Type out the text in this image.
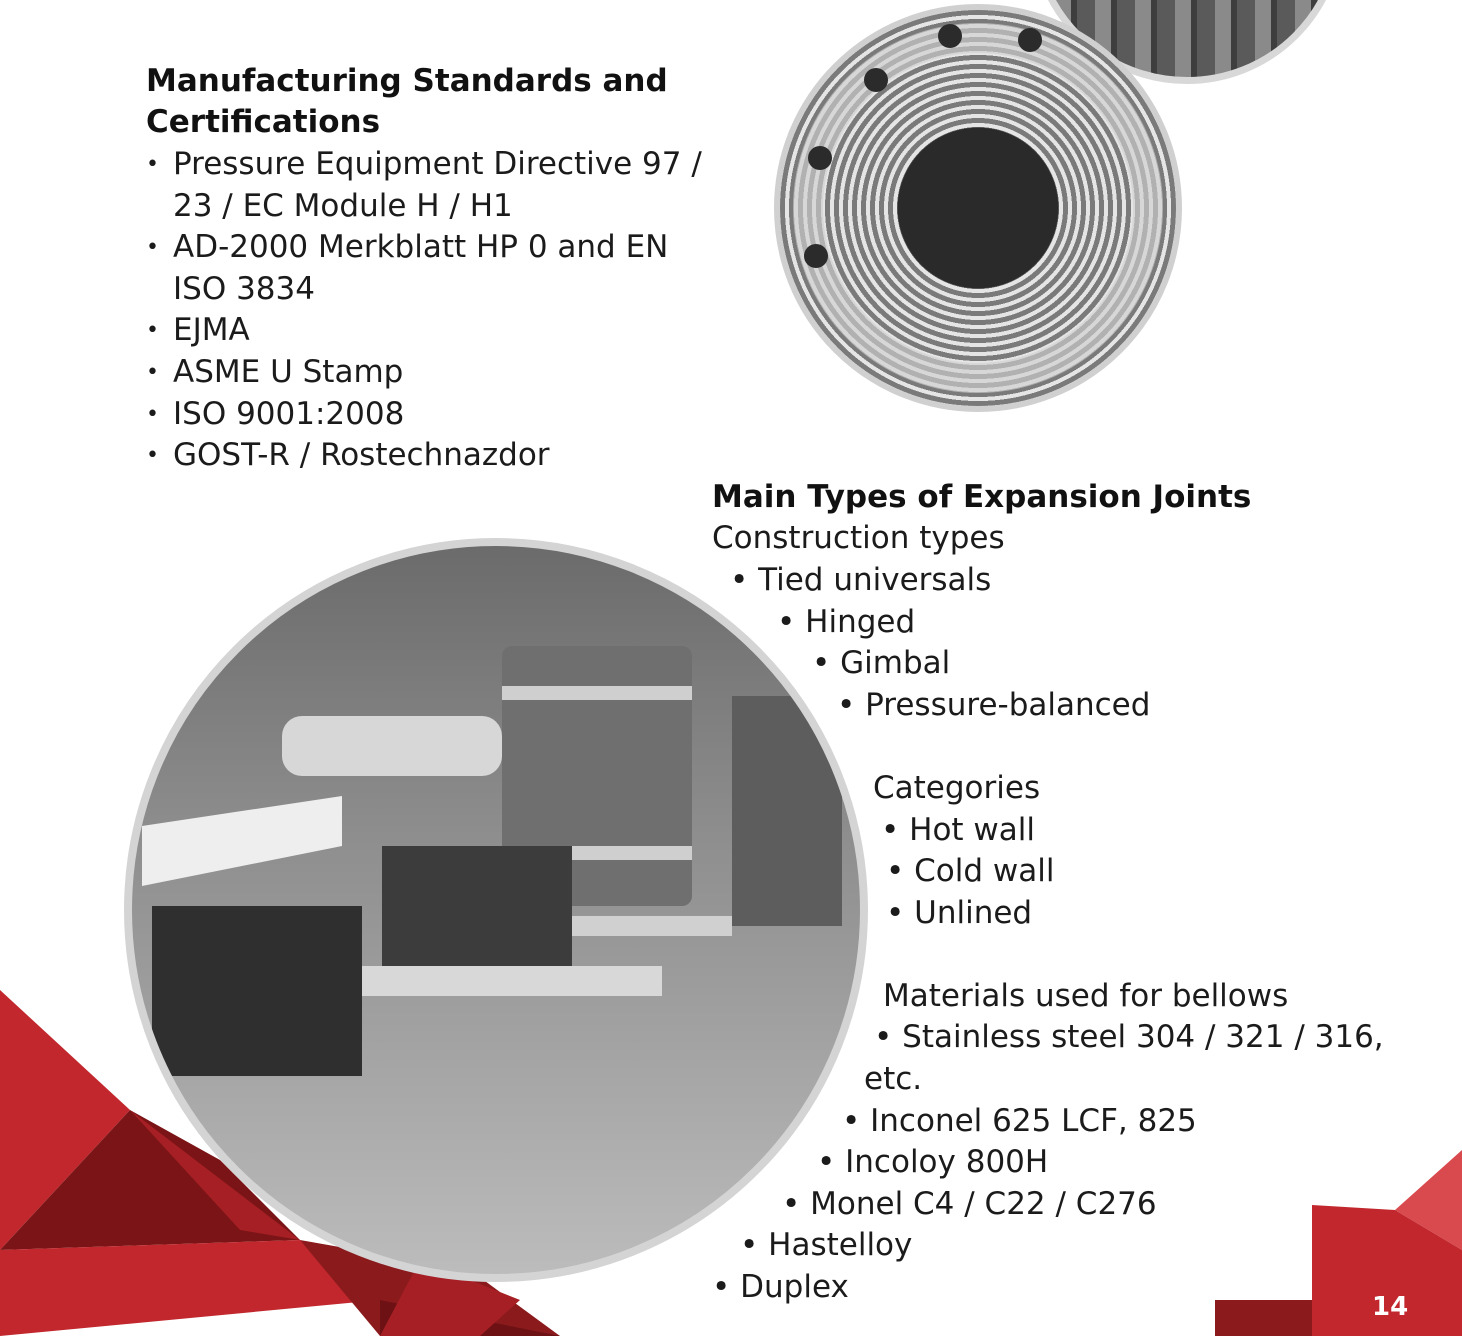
Manufacturing Standards and
Certifications
• Pressure Equipment Directive 97 / 23 / EC Module H / H1
• AD-2000 Merkblatt HP 0 and EN ISO 3834
• EJMA
• ASME U Stamp
• ISO 9001:2008
• GOST-R / Rostechnazdor
Main Types of Expansion Joints
Construction types
• Tied universals
• Hinged
• Gimbal
• Pressure-balanced
Categories
• Hot wall
• Cold wall
• Unlined
Materials used for bellows
• Stainless steel 304 / 321 / 316,
etc.
• Inconel 625 LCF, 825
• Incoloy 800H
• Monel C4 / C22 / C276
• Hastelloy
• Duplex
14
